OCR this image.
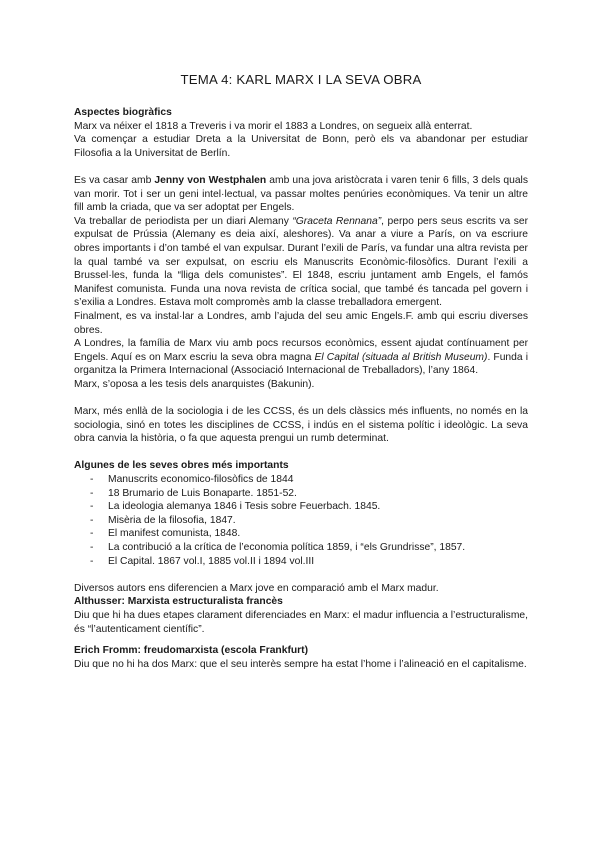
TEMA 4: KARL MARX I LA SEVA OBRA
Aspectes biogràfics

Marx va néixer el 1818 a Treveris i va morir el 1883 a Londres, on segueix allà enterrat.

Va començar a estudiar Dreta a la Universitat de Bonn, però els va abandonar per estudiar Filosofia a la Universitat de Berlín.

Es va casar amb Jenny von Westphalen amb una jova aristòcrata i varen tenir 6 fills, 3 dels quals van morir. Tot i ser un geni intel·lectual, va passar moltes penúries econòmiques. Va tenir un altre fill amb la criada, que va ser adoptat per Engels.

Va treballar de periodista per un diari Alemany “Graceta Rennana”, perpo pers seus escrits va ser expulsat de Prússia (Alemany es deia així, aleshores). Va anar a viure a París, on va escriure obres importants i d’on també el van expulsar. Durant l’exili de París, va fundar una altra revista per la qual també va ser expulsat, on escriu els Manuscrits Econòmic-filosòfics. Durant l’exili a Brussel·les, funda la “lliga dels comunistes”. El 1848, escriu juntament amb Engels, el famós Manifest comunista. Funda una nova revista de crítica social, que també és tancada pel govern i s’exilia a Londres. Estava molt compromès amb la classe treballadora emergent.

Finalment, es va instal·lar a Londres, amb l’ajuda del seu amic Engels.F. amb qui escriu diverses obres.

A Londres, la família de Marx viu amb pocs recursos econòmics, essent ajudat contínuament per Engels. Aquí es on Marx escriu la seva obra magna El Capital (situada al British Museum). Funda i organitza la Primera Internacional (Associació Internacional de Treballadors), l’any 1864.

Marx, s’oposa a les tesis dels anarquistes (Bakunin).

Marx, més enllà de la sociologia i de les CCSS, és un dels clàssics més influents, no només en la sociologia, sinó en totes les disciplines de CCSS, i indús en el sistema polític i ideològic. La seva obra canvia la història, o fa que aquesta prengui un rumb determinat.

Algunes de les seves obres més importants
- Manuscrits economico-filosòfics de 1844
- 18 Brumario de Luis Bonaparte. 1851-52.
- La ideologia alemanya 1846 i Tesis sobre Feuerbach. 1845.
- Misèria de la filosofia, 1847.
- El manifest comunista, 1848.
- La contribució a la crítica de l’economia política 1859, i “els Grundrisse”, 1857.
- El Capital. 1867 vol.I, 1885 vol.II i 1894 vol.III

Diversos autors ens diferencien a Marx jove en comparació amb el Marx madur.

Althusser: Marxista estructuralista francès

Diu que hi ha dues etapes clarament diferenciades en Marx: el madur influencia a l’estructuralisme, és “l’autenticament científic”.

Erich Fromm: freudomarxista (escola Frankfurt)

Diu que no hi ha dos Marx: que el seu interès sempre ha estat l’home i l’alineació en el capitalisme.
